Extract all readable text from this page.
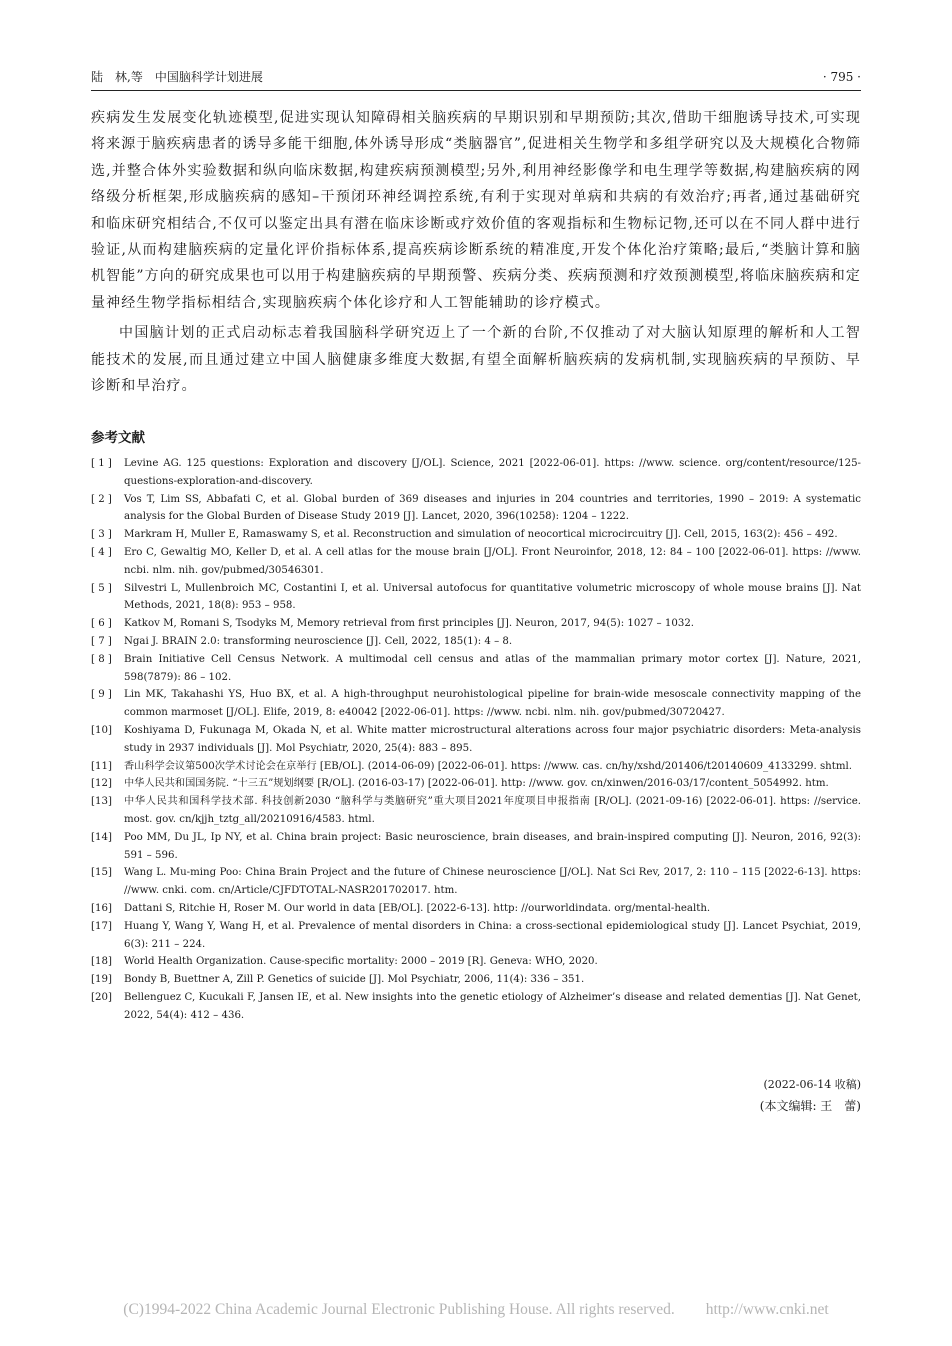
陆　林,等　中国脑科学计划进展	· 795 ·

疾病发生发展变化轨迹模型,促进实现认知障碍相关脑疾病的早期识别和早期预防;其次,借助干细胞诱导技术,可实现将来源于脑疾病患者的诱导多能干细胞,体外诱导形成“类脑器官”,促进相关生物学和多组学研究以及大规模化合物筛选,并整合体外实验数据和纵向临床数据,构建疾病预测模型;另外,利用神经影像学和电生理学等数据,构建脑疾病的网络级分析框架,形成脑疾病的感知–干预闭环神经调控系统,有利于实现对单病和共病的有效治疗;再者,通过基础研究和临床研究相结合,不仅可以鉴定出具有潜在临床诊断或疗效价值的客观指标和生物标记物,还可以在不同人群中进行验证,从而构建脑疾病的定量化评价指标体系,提高疾病诊断系统的精准度,开发个体化治疗策略;最后,“类脑计算和脑机智能”方向的研究成果也可以用于构建脑疾病的早期预警、疾病分类、疾病预测和疗效预测模型,将临床脑疾病和定量神经生物学指标相结合,实现脑疾病个体化诊疗和人工智能辅助的诊疗模式。

中国脑计划的正式启动标志着我国脑科学研究迈上了一个新的台阶,不仅推动了对大脑认知原理的解析和人工智能技术的发展,而且通过建立中国人脑健康多维度大数据,有望全面解析脑疾病的发病机制,实现脑疾病的早预防、早诊断和早治疗。

参考文献
[ 1 ]	Levine AG. 125 questions: Exploration and discovery [J/OL]. Science, 2021 [2022-06-01]. https: //www. science. org/content/resource/125-questions-exploration-and-discovery.
[ 2 ]	Vos T, Lim SS, Abbafati C, et al. Global burden of 369 diseases and injuries in 204 countries and territories, 1990 – 2019: A systematic analysis for the Global Burden of Disease Study 2019 [J]. Lancet, 2020, 396(10258): 1204 – 1222.
[ 3 ]	Markram H, Muller E, Ramaswamy S, et al. Reconstruction and simulation of neocortical microcircuitry [J]. Cell, 2015, 163(2): 456 – 492.
[ 4 ]	Ero C, Gewaltig MO, Keller D, et al. A cell atlas for the mouse brain [J/OL]. Front Neuroinfor, 2018, 12: 84 – 100 [2022-06-01]. https: //www. ncbi. nlm. nih. gov/pubmed/30546301.
[ 5 ]	Silvestri L, Mullenbroich MC, Costantini I, et al. Universal autofocus for quantitative volumetric microscopy of whole mouse brains [J]. Nat Methods, 2021, 18(8): 953 – 958.
[ 6 ]	Katkov M, Romani S, Tsodyks M, Memory retrieval from first principles [J]. Neuron, 2017, 94(5): 1027 – 1032.
[ 7 ]	Ngai J. BRAIN 2.0: transforming neuroscience [J]. Cell, 2022, 185(1): 4 – 8.
[ 8 ]	Brain Initiative Cell Census Network. A multimodal cell census and atlas of the mammalian primary motor cortex [J]. Nature, 2021, 598(7879): 86 – 102.
[ 9 ]	Lin MK, Takahashi YS, Huo BX, et al. A high-throughput neurohistological pipeline for brain-wide mesoscale connectivity mapping of the common marmoset [J/OL]. Elife, 2019, 8: e40042 [2022-06-01]. https: //www. ncbi. nlm. nih. gov/pubmed/30720427.
[10]	Koshiyama D, Fukunaga M, Okada N, et al. White matter microstructural alterations across four major psychiatric disorders: Meta-analysis study in 2937 individuals [J]. Mol Psychiatr, 2020, 25(4): 883 – 895.
[11]	香山科学会议第500次学术讨论会在京举行 [EB/OL]. (2014-06-09) [2022-06-01]. https: //www. cas. cn/hy/xshd/201406/t20140609_4133299. shtml.
[12]	中华人民共和国国务院. “十三五”规划纲要 [R/OL]. (2016-03-17) [2022-06-01]. http: //www. gov. cn/xinwen/2016-03/17/content_5054992. htm.
[13]	中华人民共和国科学技术部. 科技创新2030 “脑科学与类脑研究”重大项目2021年度项目申报指南 [R/OL]. (2021-09-16) [2022-06-01]. https: //service. most. gov. cn/kjjh_tztg_all/20210916/4583. html.
[14]	Poo MM, Du JL, Ip NY, et al. China brain project: Basic neuroscience, brain diseases, and brain-inspired computing [J]. Neuron, 2016, 92(3): 591 – 596.
[15]	Wang L. Mu-ming Poo: China Brain Project and the future of Chinese neuroscience [J/OL]. Nat Sci Rev, 2017, 2: 110 – 115 [2022-6-13]. https: //www. cnki. com. cn/Article/CJFDTOTAL-NASR201702017. htm.
[16]	Dattani S, Ritchie H, Roser M. Our world in data [EB/OL]. [2022-6-13]. http: //ourworldindata. org/mental-health.
[17]	Huang Y, Wang Y, Wang H, et al. Prevalence of mental disorders in China: a cross-sectional epidemiological study [J]. Lancet Psychiat, 2019, 6(3): 211 – 224.
[18]	World Health Organization. Cause-specific mortality: 2000 – 2019 [R]. Geneva: WHO, 2020.
[19]	Bondy B, Buettner A, Zill P. Genetics of suicide [J]. Mol Psychiatr, 2006, 11(4): 336 – 351.
[20]	Bellenguez C, Kucukali F, Jansen IE, et al. New insights into the genetic etiology of Alzheimer’s disease and related dementias [J]. Nat Genet, 2022, 54(4): 412 – 436.
(2022-06-14 收稿)
(本文编辑: 王　蕾)
(C)1994-2022 China Academic Journal Electronic Publishing House. All rights reserved.　　http://www.cnki.net
